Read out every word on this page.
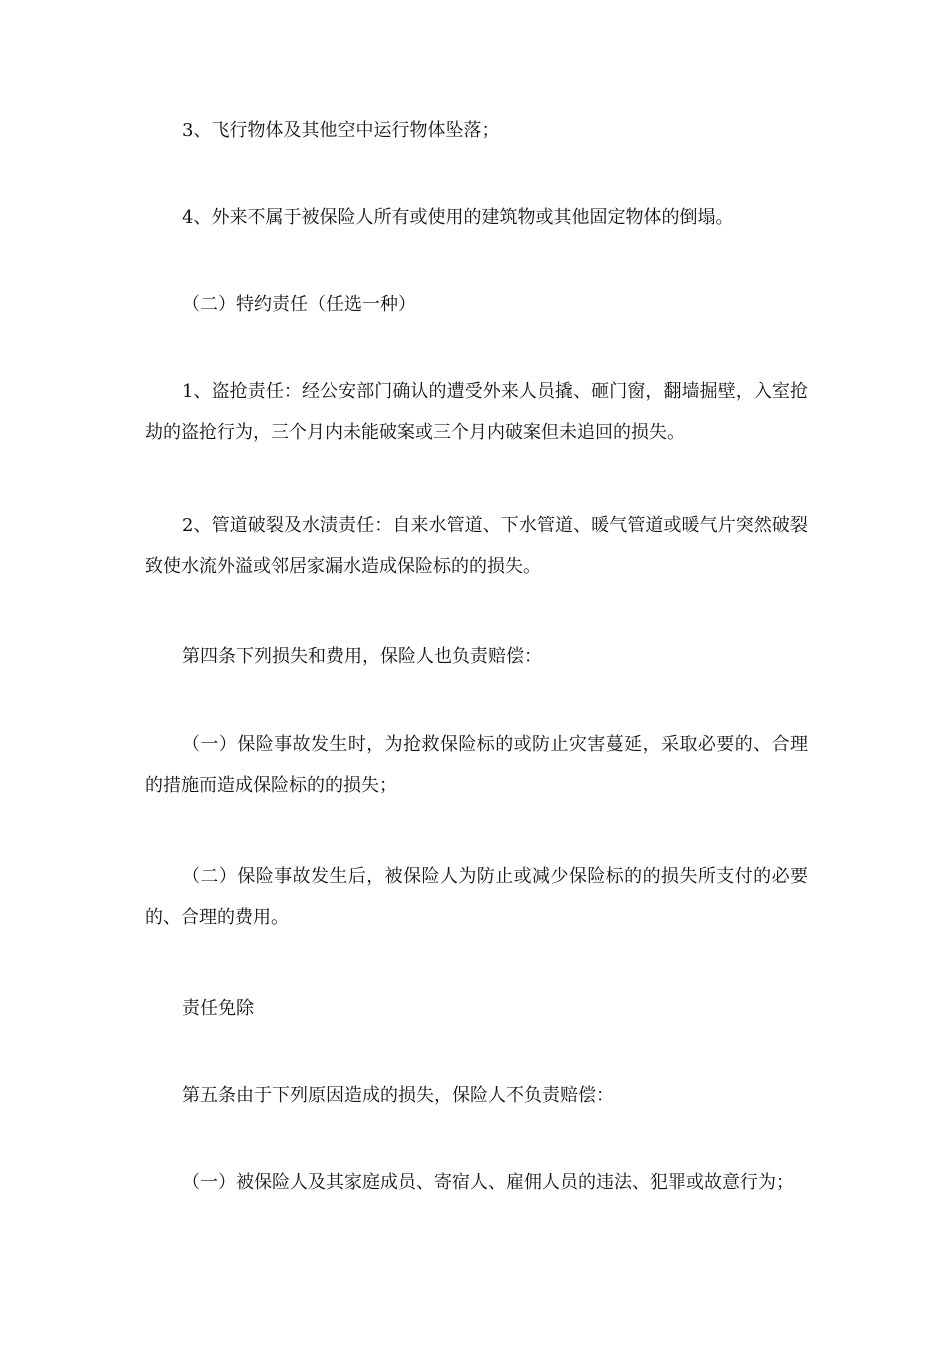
3、飞行物体及其他空中运行物体坠落；

4、外来不属于被保险人所有或使用的建筑物或其他固定物体的倒塌。

（二）特约责任（任选一种）

1、盗抢责任：经公安部门确认的遭受外来人员撬、砸门窗，翻墙掘壁，入室抢劫的盗抢行为，三个月内未能破案或三个月内破案但未追回的损失。

2、管道破裂及水渍责任：自来水管道、下水管道、暖气管道或暖气片突然破裂致使水流外溢或邻居家漏水造成保险标的的损失。

第四条下列损失和费用，保险人也负责赔偿：

（一）保险事故发生时，为抢救保险标的或防止灾害蔓延，采取必要的、合理的措施而造成保险标的的损失；

（二）保险事故发生后，被保险人为防止或减少保险标的的损失所支付的必要的、合理的费用。

责任免除

第五条由于下列原因造成的损失，保险人不负责赔偿：

（一）被保险人及其家庭成员、寄宿人、雇佣人员的违法、犯罪或故意行为；
